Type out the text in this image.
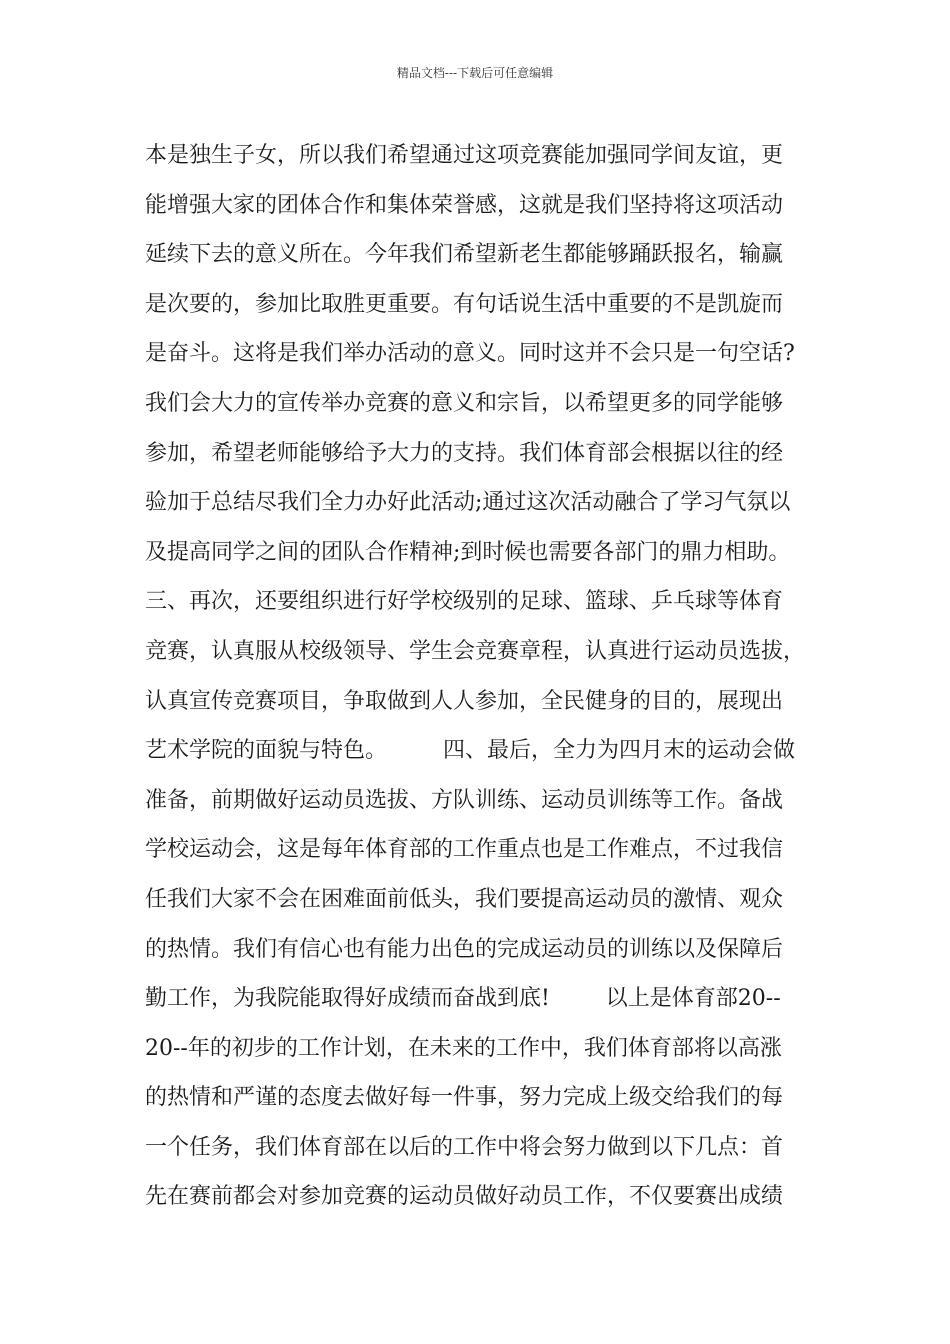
精品文档---下载后可任意编辑
本是独生子女，所以我们希望通过这项竞赛能加强同学间友谊，更
能增强大家的团体合作和集体荣誉感，这就是我们坚持将这项活动
延续下去的意义所在。今年我们希望新老生都能够踊跃报名，输赢
是次要的，参加比取胜更重要。有句话说生活中重要的不是凯旋而
是奋斗。这将是我们举办活动的意义。同时这并不会只是一句空话?
我们会大力的宣传举办竞赛的意义和宗旨，以希望更多的同学能够
参加，希望老师能够给予大力的支持。我们体育部会根据以往的经
验加于总结尽我们全力办好此活动;通过这次活动融合了学习气氛以
及提高同学之间的团队合作精神;到时候也需要各部门的鼎力相助。
三、再次，还要组织进行好学校级别的足球、篮球、乒乓球等体育
竞赛，认真服从校级领导、学生会竞赛章程，认真进行运动员选拔，
认真宣传竞赛项目，争取做到人人参加，全民健身的目的，展现出
艺术学院的面貌与特色。        四、最后，全力为四月末的运动会做
准备，前期做好运动员选拔、方队训练、运动员训练等工作。备战
学校运动会，这是每年体育部的工作重点也是工作难点，不过我信
任我们大家不会在困难面前低头，我们要提高运动员的激情、观众
的热情。我们有信心也有能力出色的完成运动员的训练以及保障后
勤工作，为我院能取得好成绩而奋战到底!        以上是体育部20--
20--年的初步的工作计划，在未来的工作中，我们体育部将以高涨
的热情和严谨的态度去做好每一件事，努力完成上级交给我们的每
一个任务，我们体育部在以后的工作中将会努力做到以下几点：首
先在赛前都会对参加竞赛的运动员做好动员工作，不仅要赛出成绩
